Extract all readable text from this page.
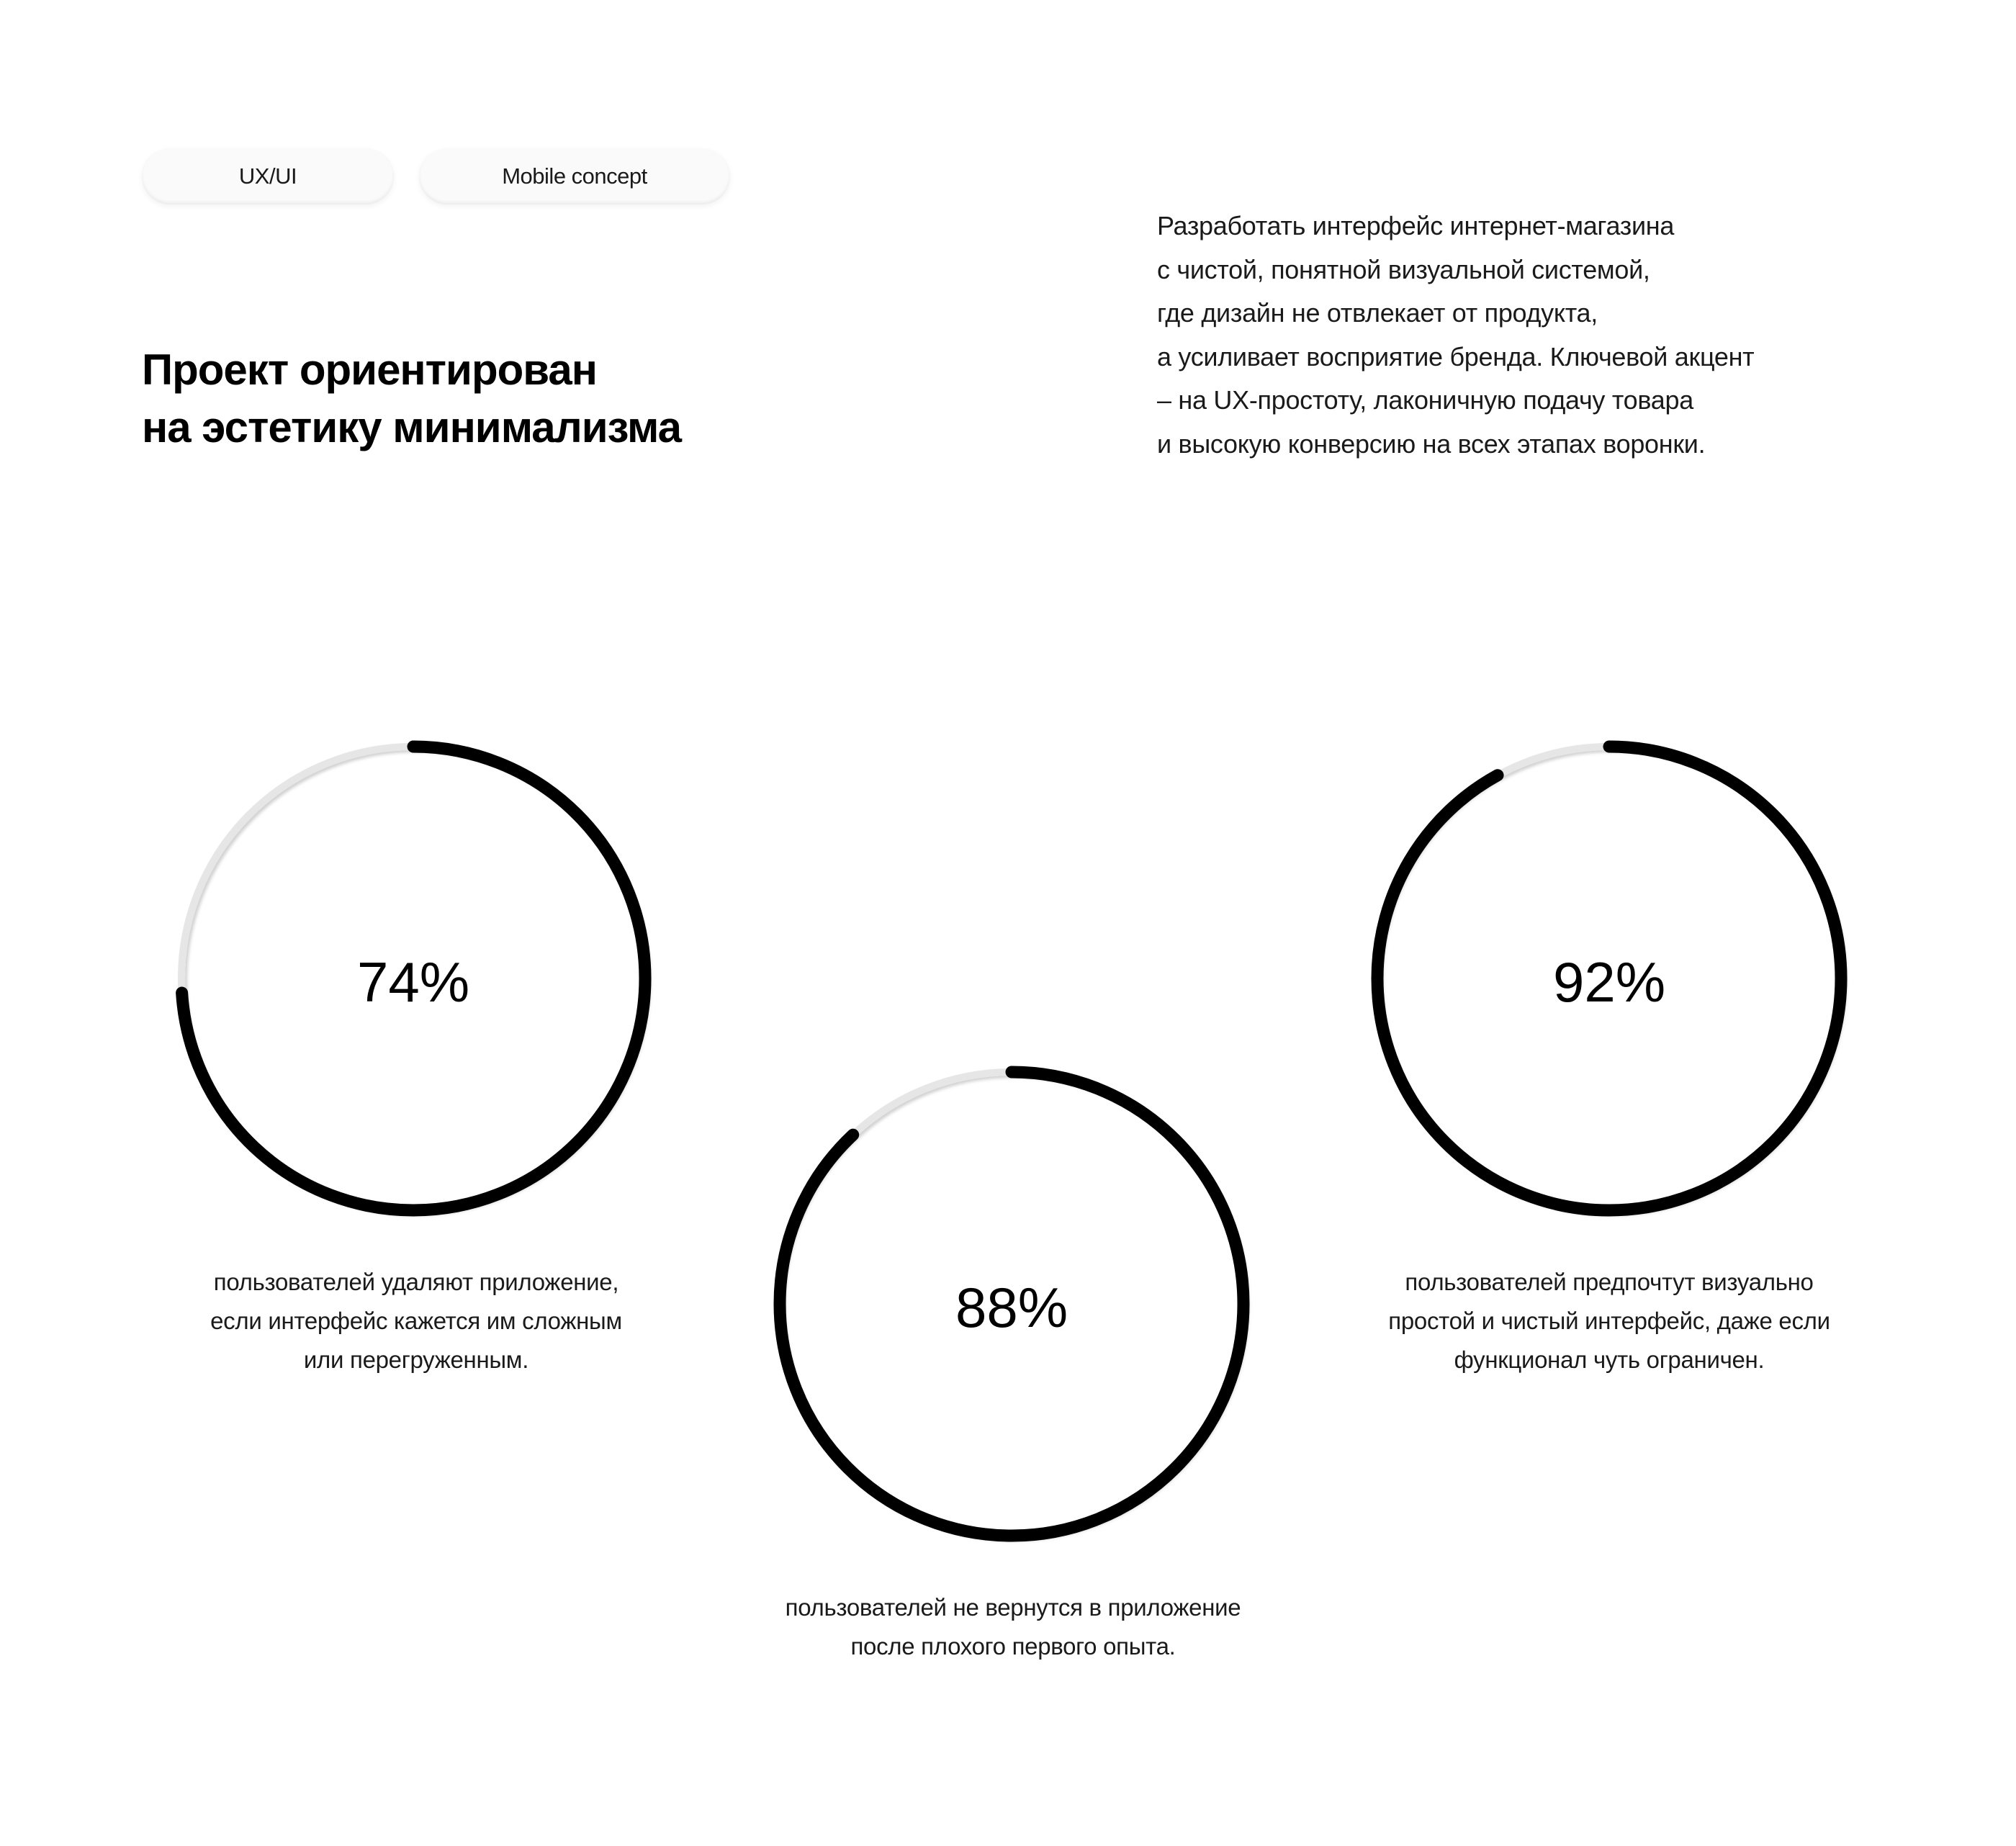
UX/UI	Mobile concept
Проект ориентирован
на эстетику минимализма
Разработать интерфейс интернет-магазина
с чистой, понятной визуальной системой,
где дизайн не отвлекает от продукта,
а усиливает восприятие бренда. Ключевой акцент
– на UX-простоту, лаконичную подачу товара
и высокую конверсию на всех этапах воронки.
74%
88%
92%
пользователей удаляют приложение,
если интерфейс кажется им сложным
или перегруженным.
пользователей не вернутся в приложение
после плохого первого опыта.
пользователей предпочтут визуально
простой и чистый интерфейс, даже если
функционал чуть ограничен.
